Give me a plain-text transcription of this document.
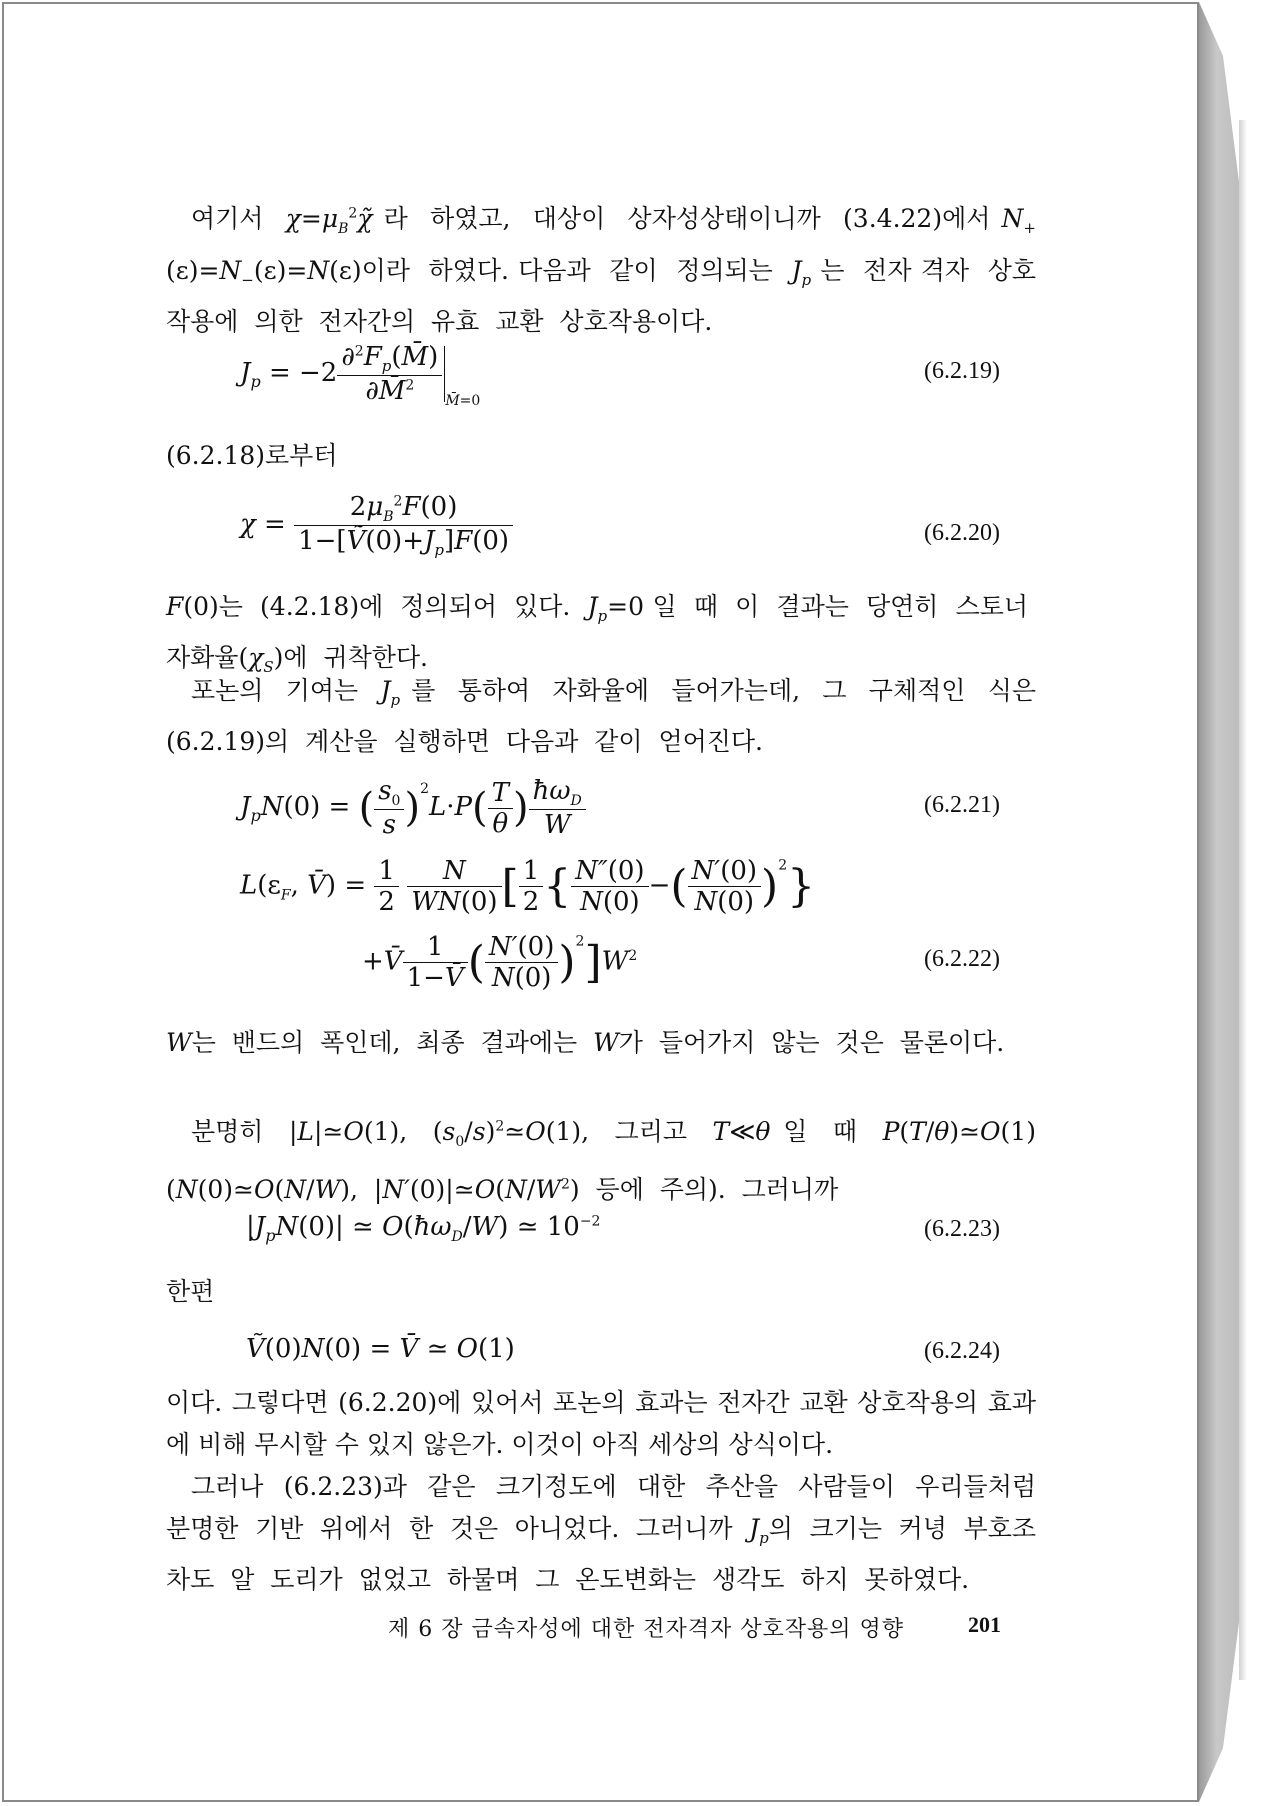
여기서  $\chi=\mu_B^2\chĩ$ 라  하였고,  대상이  상자성상태이니까  (3.4.22)에서 $N_+(\varepsilon)=N_-(\varepsilon)=N(\varepsilon)$이라  하였다. 다음과  같이  정의되는  $J_p$ 는  전자 격자  상호작용에  의한  전자간의  유효  교환  상호작용이다.
$J_p = -2 \frac{\partial^2F_p(M̄)}{\partial M̄^2} _{M̄=0}$
(6.2.19)
(6.2.18)로부터
$\chi = \frac{2\mu_B^2F(0)}{1-[Ṽ(0)+J_p]F(0)}$	(6.2.20)
F(0)는  (4.2.18)에  정의되어  있다.  $J_p=0$ 일  때  이  결과는  당연히  스토너  자화율$(\chi_S)$에  귀착한다.
포논의  기여는  $J_p$ 를  통하여  자화율에  들어가는데,  그  구체적인  식은 (6.2.19)의  계산을  실행하면  다음과  같이  얻어진다.
$J_pN(0)$ = ( $\frac{s_0}{s} )^2L\cdot P( \frac{T}{\theta}$ ) $\frac{ħ\omega_D}{W}$	(6.2.21)
$L(\varepsilon_F$, V̄) = $\frac{1}{2}$
$\frac{N}{WN(0)}$ [ $\frac{1}{2}$ { $\frac{N''(0)}{N(0)}$ −( $\frac{N'(0)}{N(0)} )^2$}
+V̄ $\frac{1}{1-V̄}$ ( $\frac{N'(0)}{N(0)} )^2]W^2$	(6.2.22)
W는  밴드의  폭인데,  최종  결과에는  W가  들어가지  않는  것은  물론이다.
분명히  |L|≃O(1),  $(s_0/s)^2≃O(1)$,  그리고  T≪θ 일  때  P(T/θ)≃O(1) (N(0)≃O(N/W),  $|N'(0)|≃O(N/W^2)$  등에  주의).  그러니까
$|J_pN(0)|$ ≃ $O(ħ\omega_D/W)$ ≃ $10^{-2}$	(6.2.23)
한편
Ṽ(0)N(0) = V̄ ≃ O(1)	(6.2.24)
이다. 그렇다면 (6.2.20)에 있어서 포논의 효과는 전자간 교환 상호작용의 효과에 비해 무시할 수 있지 않은가. 이것이 아직 세상의 상식이다.
그러나  (6.2.23)과  같은  크기정도에  대한  추산을  사람들이  우리들처럼 분명한  기반  위에서  한  것은  아니었다.  그러니까  $J_p$의  크기는  커녕  부호조차도  알  도리가  없었고  하물며  그  온도변화는  생각도  하지  못하였다.
제 6 장 금속자성에 대한 전자격자 상호작용의 영향	201
